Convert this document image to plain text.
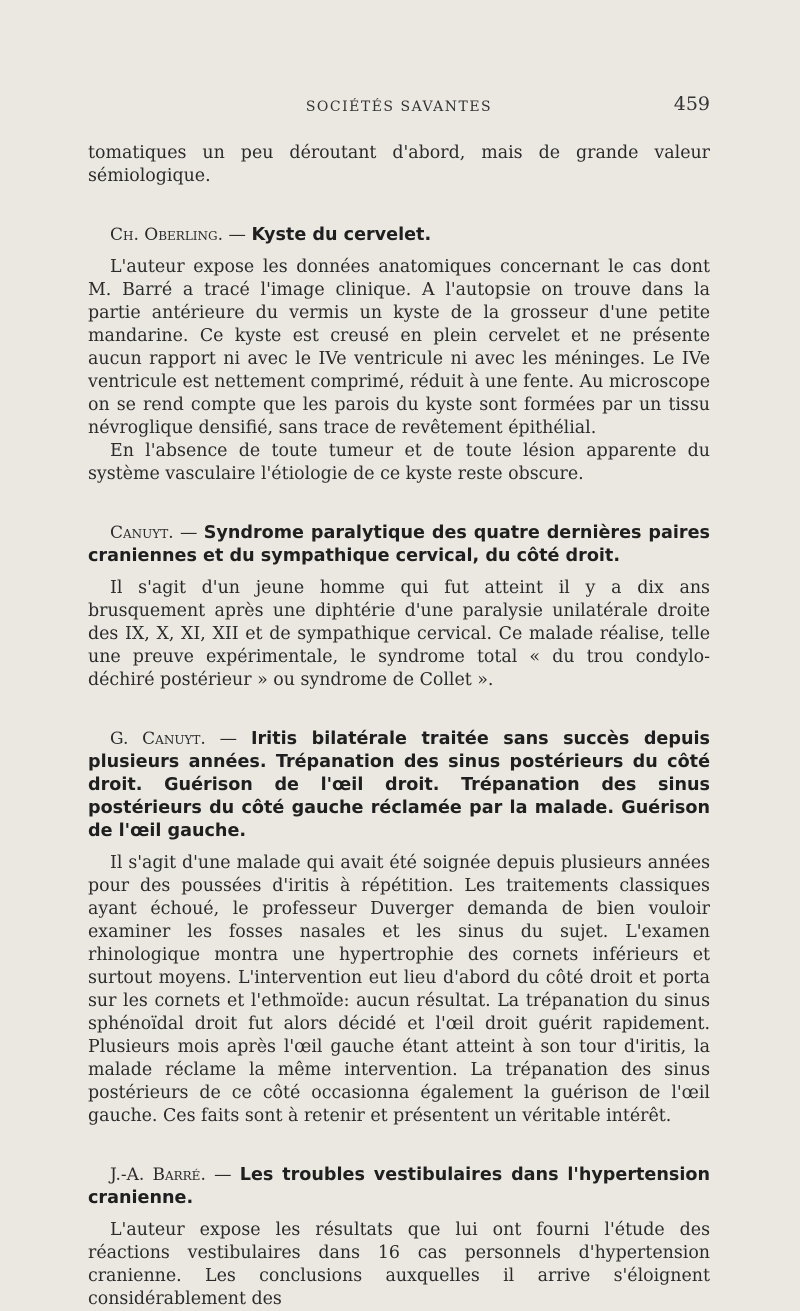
SOCIÉTÉS SAVANTES	459

tomatiques un peu déroutant d'abord, mais de grande valeur sémiologique.

Ch. Oberling. — Kyste du cervelet.

L'auteur expose les données anatomiques concernant le cas dont M. Barré a tracé l'image clinique. A l'autopsie on trouve dans la partie antérieure du vermis un kyste de la grosseur d'une petite mandarine. Ce kyste est creusé en plein cervelet et ne présente aucun rapport ni avec le IVe ventricule ni avec les méninges. Le IVe ventricule est nettement comprimé, réduit à une fente. Au microscope on se rend compte que les parois du kyste sont formées par un tissu névroglique densifié, sans trace de revêtement épithélial.

En l'absence de toute tumeur et de toute lésion apparente du système vasculaire l'étiologie de ce kyste reste obscure.

Canuyt. — Syndrome paralytique des quatre dernières paires craniennes et du sympathique cervical, du côté droit.

Il s'agit d'un jeune homme qui fut atteint il y a dix ans brusquement après une diphtérie d'une paralysie unilatérale droite des IX, X, XI, XII et de sympathique cervical. Ce malade réalise, telle une preuve expérimentale, le syndrome total « du trou condylo-déchiré postérieur » ou syndrome de Collet ».

G. Canuyt. — Iritis bilatérale traitée sans succès depuis plusieurs années. Trépanation des sinus postérieurs du côté droit. Guérison de l'œil droit. Trépanation des sinus postérieurs du côté gauche réclamée par la malade. Guérison de l'œil gauche.

Il s'agit d'une malade qui avait été soignée depuis plusieurs années pour des poussées d'iritis à répétition. Les traitements classiques ayant échoué, le professeur Duverger demanda de bien vouloir examiner les fosses nasales et les sinus du sujet. L'examen rhinologique montra une hypertrophie des cornets inférieurs et surtout moyens. L'intervention eut lieu d'abord du côté droit et porta sur les cornets et l'ethmoïde: aucun résultat. La trépanation du sinus sphénoïdal droit fut alors décidé et l'œil droit guérit rapidement. Plusieurs mois après l'œil gauche étant atteint à son tour d'iritis, la malade réclame la même intervention. La trépanation des sinus postérieurs de ce côté occasionna également la guérison de l'œil gauche. Ces faits sont à retenir et présentent un véritable intérêt.

J.-A. Barré. — Les troubles vestibulaires dans l'hypertension cranienne.

L'auteur expose les résultats que lui ont fourni l'étude des réactions vestibulaires dans 16 cas personnels d'hypertension cranienne. Les conclusions auxquelles il arrive s'éloignent considérablement des
